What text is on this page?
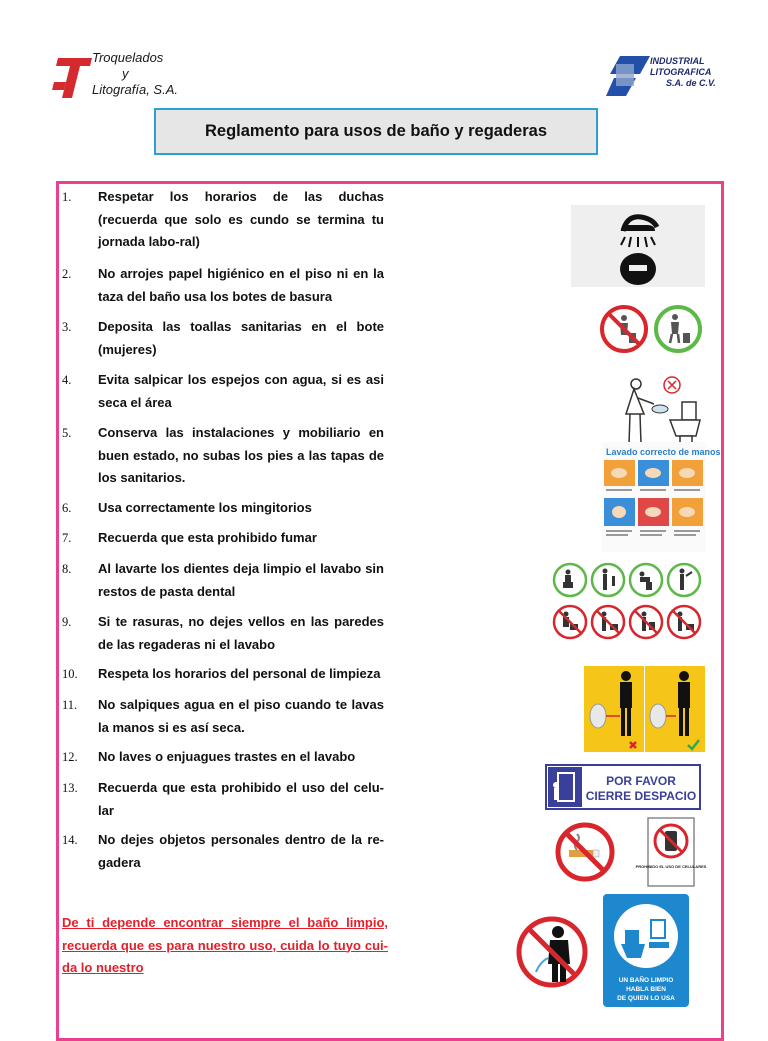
Troquelados
y
Litografía, S.A.
INDUSTRIAL
LITOGRAFICA
S.A. de C.V.
Reglamento para usos de baño y regaderas
1. Respetar los horarios de las duchas (recuerda que solo es cundo se termina tu jornada labo-ral)
2. No arrojes papel higiénico en el piso ni en la taza del baño usa los botes de basura
3. Deposita las toallas sanitarias en el bote (mujeres)
4. Evita salpicar los espejos con agua, si es asi seca el área
5. Conserva las instalaciones y mobiliario en buen estado, no subas los pies a las tapas de los sanitarios.
6. Usa correctamente los mingitorios
7. Recuerda que esta prohibido fumar
8. Al lavarte los dientes deja limpio el lavabo sin restos de pasta dental
9. Si te rasuras, no dejes vellos en las paredes de las regaderas ni el lavabo
10. Respeta los horarios del personal de limpieza
11. No salpiques agua en el piso cuando te lavas la manos si es así seca.
12. No laves o enjuagues trastes en el lavabo
13. Recuerda que esta prohibido el uso del celu-lar
14. No dejes objetos personales dentro de la re-gadera
De ti depende encontrar siempre el baño limpio, recuerda que es para nuestro uso, cuida lo tuyo cui-da lo nuestro
Lavado correcto de manos
POR FAVOR
CIERRE DESPACIO
PROHIBIDO EL USO DE CELULARES
UN BAÑO LIMPIO
HABLA BIEN
DE QUIEN LO USA
